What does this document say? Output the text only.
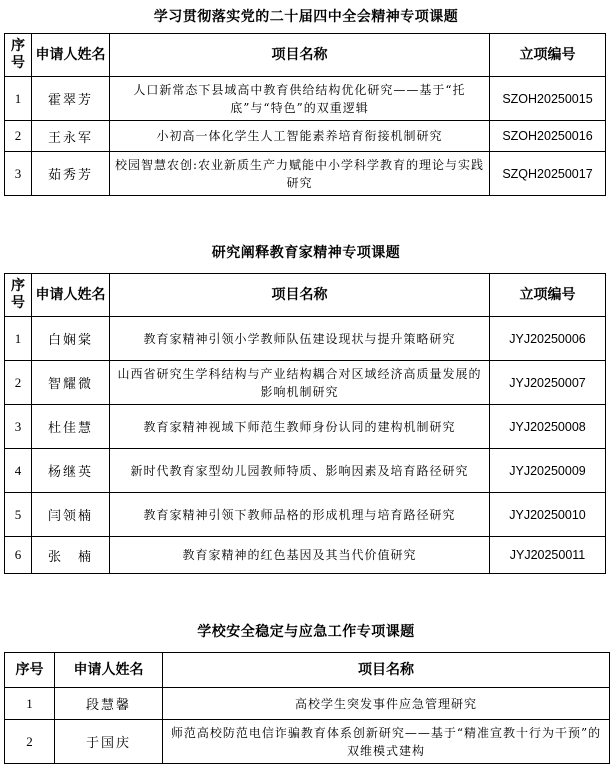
学习贯彻落实党的二十届四中全会精神专项课题
序号	申请人姓名	项目名称	立项编号
1	霍翠芳	人口新常态下县域高中教育供给结构优化研究——基于“托底”与“特色”的双重逻辑	SZOH20250015
2	王永军	小初高一体化学生人工智能素养培育衔接机制研究	SZOH20250016
3	茹秀芳	校园智慧农创:农业新质生产力赋能中小学科学教育的理论与实践研究	SZQH20250017
研究阐释教育家精神专项课题
序号	申请人姓名	项目名称	立项编号
1	白娴棠	教育家精神引领小学教师队伍建设现状与提升策略研究	JYJ20250006
2	智耀微	山西省研究生学科结构与产业结构耦合对区域经济高质量发展的影响机制研究	JYJ20250007
3	杜佳慧	教育家精神视域下师范生教师身份认同的建构机制研究	JYJ20250008
4	杨继英	新时代教育家型幼儿园教师特质、影响因素及培育路径研究	JYJ20250009
5	闫领楠	教育家精神引领下教师品格的形成机理与培育路径研究	JYJ20250010
6	张　楠	教育家精神的红色基因及其当代价值研究	JYJ20250011
学校安全稳定与应急工作专项课题
序号	申请人姓名	项目名称
1	段慧馨	高校学生突发事件应急管理研究
2	于国庆	师范高校防范电信诈骗教育体系创新研究——基于“精准宣教十行为干预”的双维模式建构
